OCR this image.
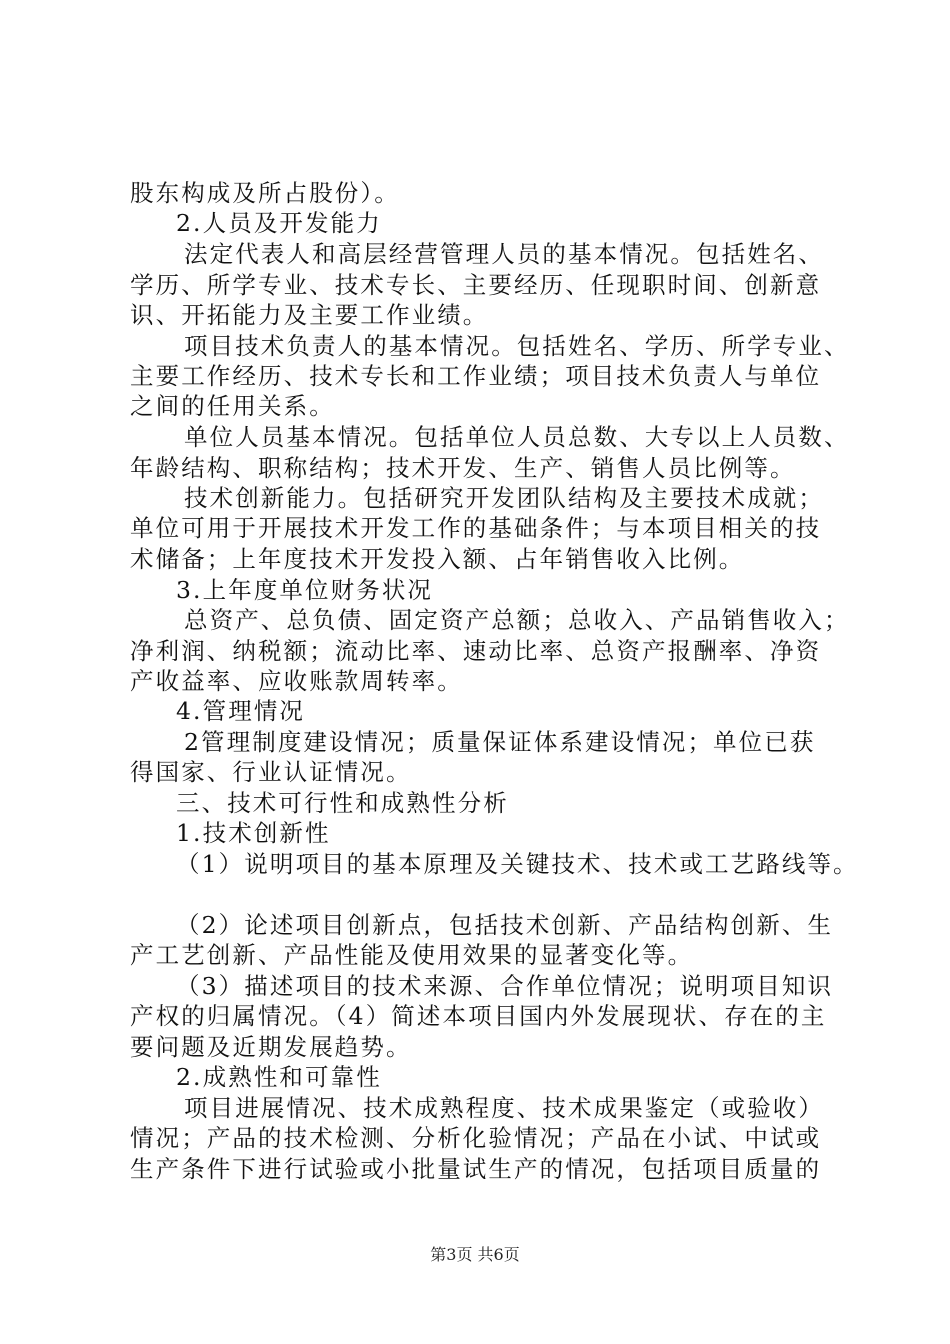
股东构成及所占股份）。
2.人员及开发能力
法定代表人和高层经营管理人员的基本情况。包括姓名、
学历、所学专业、技术专长、主要经历、任现职时间、创新意
识、开拓能力及主要工作业绩。
项目技术负责人的基本情况。包括姓名、学历、所学专业、
主要工作经历、技术专长和工作业绩；项目技术负责人与单位
之间的任用关系。
单位人员基本情况。包括单位人员总数、大专以上人员数、
年龄结构、职称结构；技术开发、生产、销售人员比例等。
技术创新能力。包括研究开发团队结构及主要技术成就；
单位可用于开展技术开发工作的基础条件；与本项目相关的技
术储备；上年度技术开发投入额、占年销售收入比例。
3.上年度单位财务状况
总资产、总负债、固定资产总额；总收入、产品销售收入；
净利润、纳税额；流动比率、速动比率、总资产报酬率、净资
产收益率、应收账款周转率。
4.管理情况
2管理制度建设情况；质量保证体系建设情况；单位已获
得国家、行业认证情况。
三、技术可行性和成熟性分析
1.技术创新性
（1）说明项目的基本原理及关键技术、技术或工艺路线等。
（2）论述项目创新点，包括技术创新、产品结构创新、生
产工艺创新、产品性能及使用效果的显著变化等。
（3）描述项目的技术来源、合作单位情况；说明项目知识
产权的归属情况。（4）简述本项目国内外发展现状、存在的主
要问题及近期发展趋势。
2.成熟性和可靠性
项目进展情况、技术成熟程度、技术成果鉴定（或验收）
情况；产品的技术检测、分析化验情况；产品在小试、中试或
生产条件下进行试验或小批量试生产的情况，包括项目质量的
第3页 共6页
